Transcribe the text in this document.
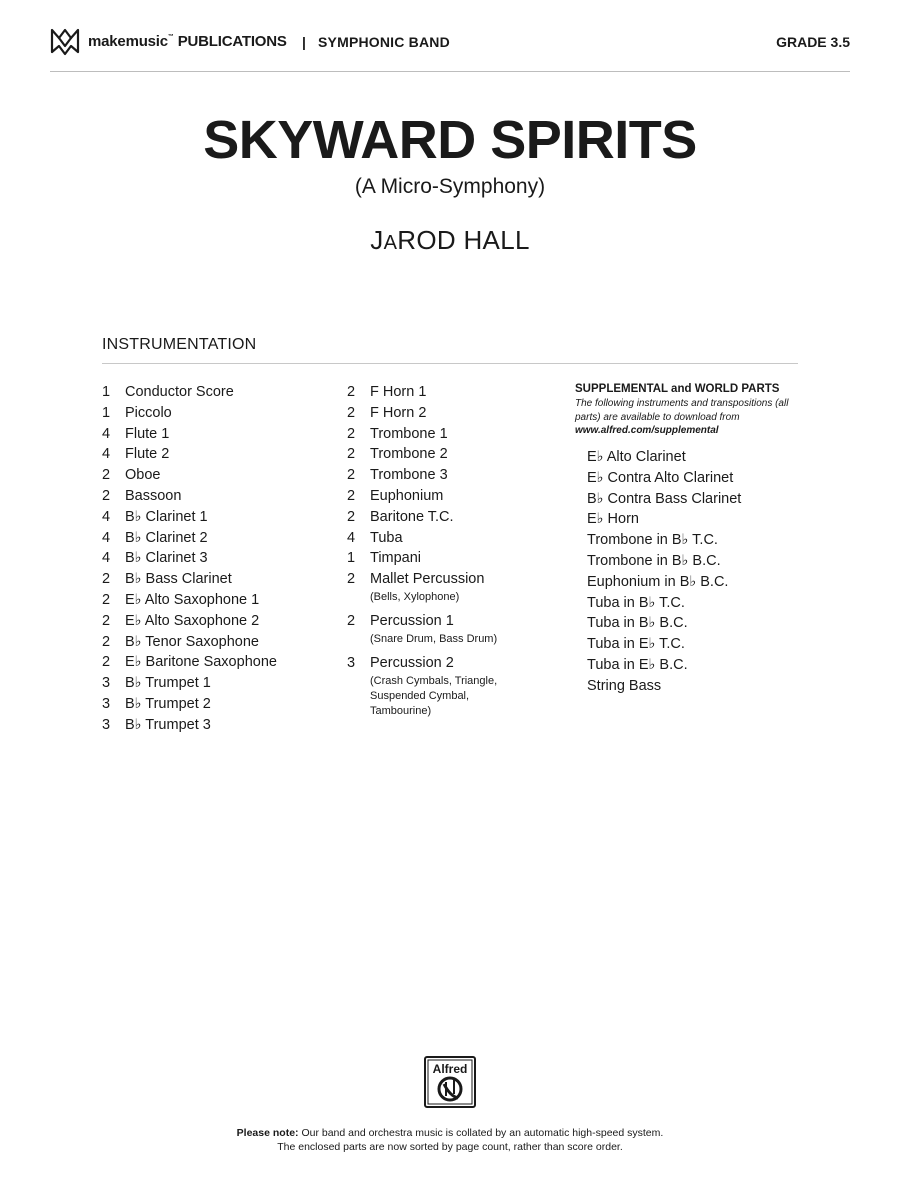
makemusic™ PUBLICATIONS | SYMPHONIC BAND	GRADE 3.5
SKYWARD SPIRITS
(A Micro-Symphony)
JAROD HALL
INSTRUMENTATION
1	Conductor Score
1	Piccolo
4	Flute 1
4	Flute 2
2	Oboe
2	Bassoon
4	B♭ Clarinet 1
4	B♭ Clarinet 2
4	B♭ Clarinet 3
2	B♭ Bass Clarinet
2	E♭ Alto Saxophone 1
2	E♭ Alto Saxophone 2
2	B♭ Tenor Saxophone
2	E♭ Baritone Saxophone
3	B♭ Trumpet 1
3	B♭ Trumpet 2
3	B♭ Trumpet 3
2	F Horn 1
2	F Horn 2
2	Trombone 1
2	Trombone 2
2	Trombone 3
2	Euphonium
2	Baritone T.C.
4	Tuba
1	Timpani
2	Mallet Percussion
(Bells, Xylophone)
2	Percussion 1
(Snare Drum, Bass Drum)
3	Percussion 2
(Crash Cymbals, Triangle,
Suspended Cymbal,
Tambourine)
SUPPLEMENTAL and WORLD PARTS
The following instruments and transpositions (all parts) are available to download from
www.alfred.com/supplemental
E♭ Alto Clarinet
E♭ Contra Alto Clarinet
B♭ Contra Bass Clarinet
E♭ Horn
Trombone in B♭ T.C.
Trombone in B♭ B.C.
Euphonium in B♭ B.C.
Tuba in B♭ T.C.
Tuba in B♭ B.C.
Tuba in E♭ T.C.
Tuba in E♭ B.C.
String Bass
Alfred
Please note: Our band and orchestra music is collated by an automatic high-speed system.
The enclosed parts are now sorted by page count, rather than score order.
